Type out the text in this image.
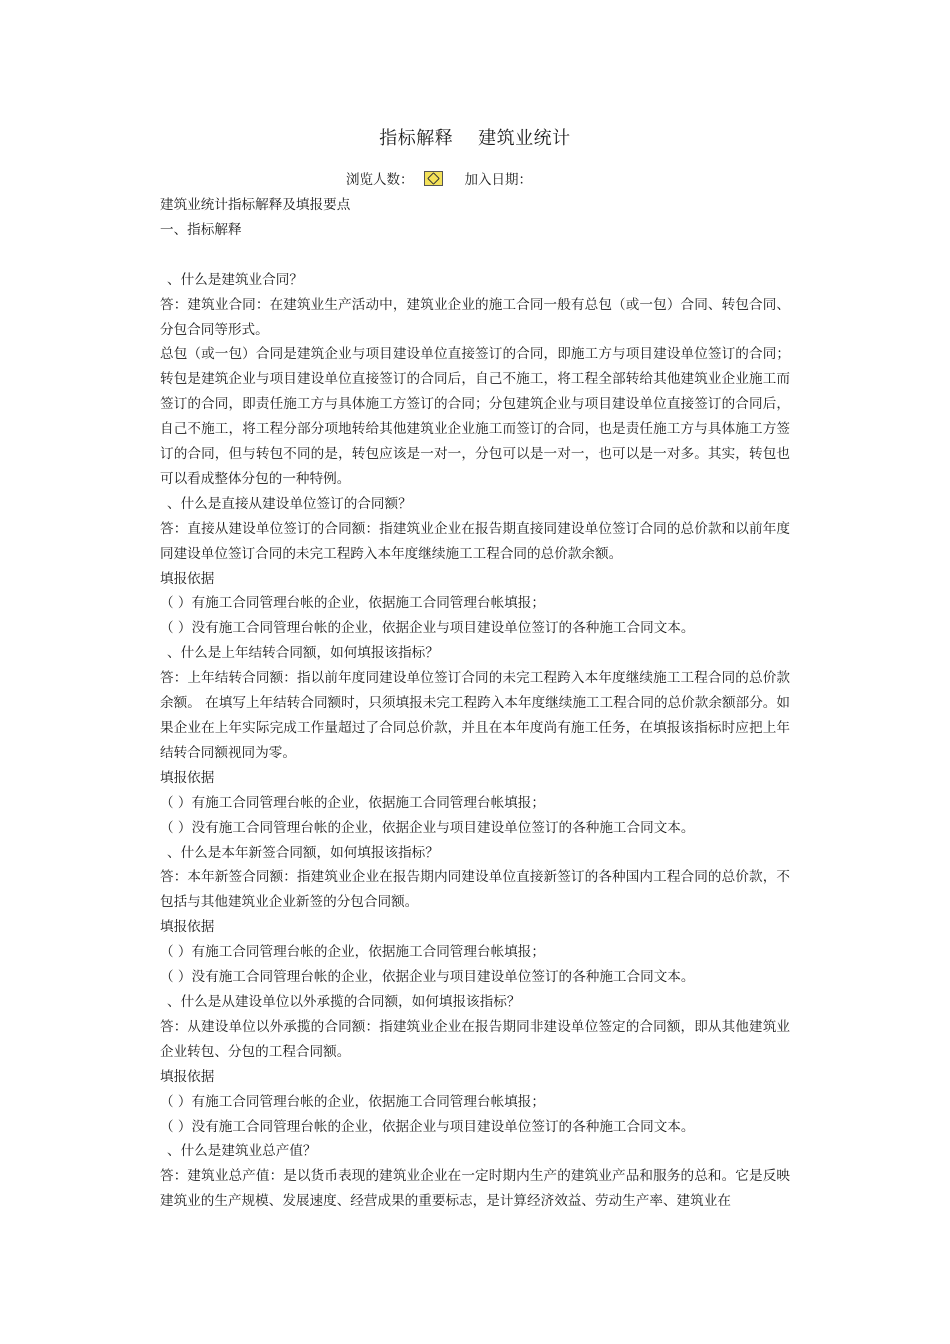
指标解释    建筑业统计
浏览人数：	加入日期：

建筑业统计指标解释及填报要点

一、指标解释

、什么是建筑业合同？

答：建筑业合同：在建筑业生产活动中，建筑业企业的施工合同一般有总包（或一包）合同、转包合同、分包合同等形式。

总包（或一包）合同是建筑企业与项目建设单位直接签订的合同，即施工方与项目建设单位签订的合同；转包是建筑企业与项目建设单位直接签订的合同后，自己不施工，将工程全部转给其他建筑业企业施工而签订的合同，即责任施工方与具体施工方签订的合同；分包建筑企业与项目建设单位直接签订的合同后，自己不施工，将工程分部分项地转给其他建筑业企业施工而签订的合同，也是责任施工方与具体施工方签订的合同，但与转包不同的是，转包应该是一对一，分包可以是一对一，也可以是一对多。其实，转包也可以看成整体分包的一种特例。

、什么是直接从建设单位签订的合同额？

答：直接从建设单位签订的合同额：指建筑业企业在报告期直接同建设单位签订合同的总价款和以前年度同建设单位签订合同的未完工程跨入本年度继续施工工程合同的总价款余额。

填报依据

（ ）有施工合同管理台帐的企业，依据施工合同管理台帐填报；

（ ）没有施工合同管理台帐的企业，依据企业与项目建设单位签订的各种施工合同文本。

、什么是上年结转合同额，如何填报该指标？

答：上年结转合同额：指以前年度同建设单位签订合同的未完工程跨入本年度继续施工工程合同的总价款余额。 在填写上年结转合同额时，只须填报未完工程跨入本年度继续施工工程合同的总价款余额部分。如果企业在上年实际完成工作量超过了合同总价款，并且在本年度尚有施工任务，在填报该指标时应把上年结转合同额视同为零。

填报依据

（ ）有施工合同管理台帐的企业，依据施工合同管理台帐填报；

（ ）没有施工合同管理台帐的企业，依据企业与项目建设单位签订的各种施工合同文本。

、什么是本年新签合同额，如何填报该指标？

答：本年新签合同额：指建筑业企业在报告期内同建设单位直接新签订的各种国内工程合同的总价款，不包括与其他建筑业企业新签的分包合同额。

填报依据

（ ）有施工合同管理台帐的企业，依据施工合同管理台帐填报；

（ ）没有施工合同管理台帐的企业，依据企业与项目建设单位签订的各种施工合同文本。

、什么是从建设单位以外承揽的合同额，如何填报该指标？

答：从建设单位以外承揽的合同额：指建筑业企业在报告期同非建设单位签定的合同额，即从其他建筑业企业转包、分包的工程合同额。

填报依据

（ ）有施工合同管理台帐的企业，依据施工合同管理台帐填报；

（ ）没有施工合同管理台帐的企业，依据企业与项目建设单位签订的各种施工合同文本。

、什么是建筑业总产值？

答：建筑业总产值：是以货币表现的建筑业企业在一定时期内生产的建筑业产品和服务的总和。它是反映建筑业的生产规模、发展速度、经营成果的重要标志，是计算经济效益、劳动生产率、建筑业在
